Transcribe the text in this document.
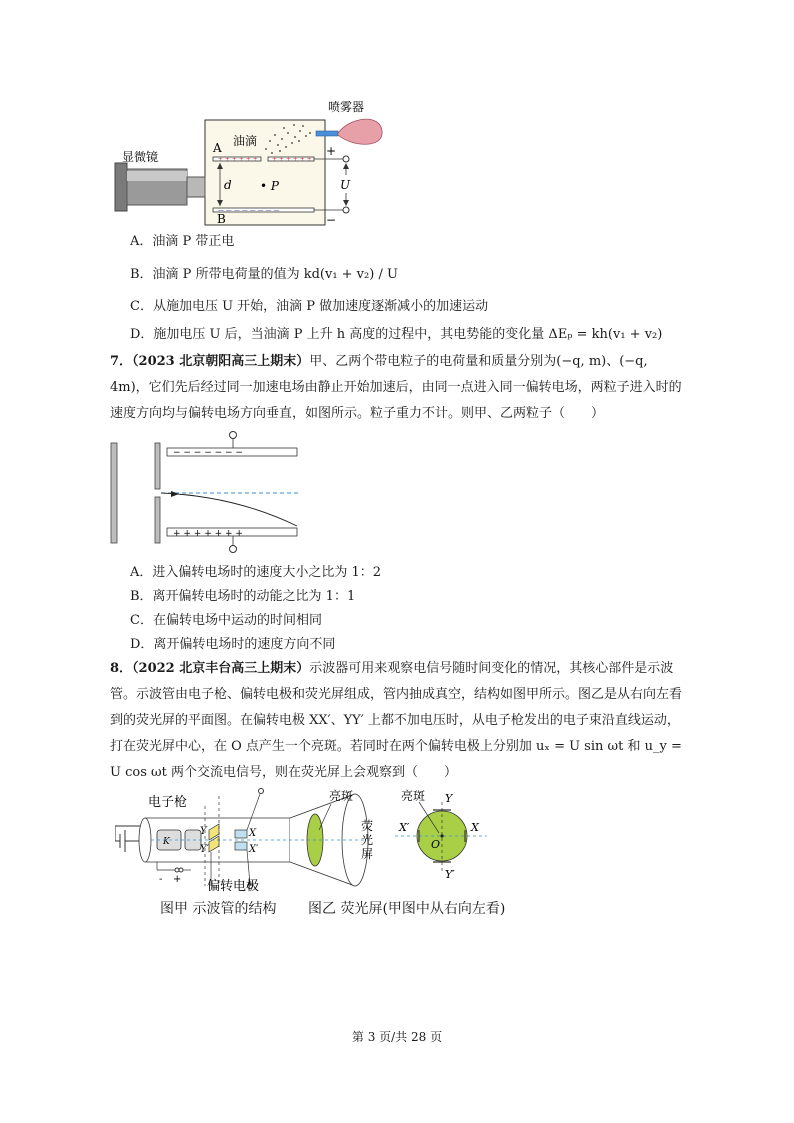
显微镜	+ + + + + + + + + + + +
A
— — — — — — — —
B
d • P
油滴
喷雾器
+
−
U
A．油滴 P 带正电
B．油滴 P 所带电荷量的值为 kd(v₁ + v₂) / U
C．从施加电压 U 开始，油滴 P 做加速度逐渐减小的加速运动
D．施加电压 U 后，当油滴 P 上升 h 高度的过程中，其电势能的变化量 ΔEₚ = kh(v₁ + v₂)
7．（2023 北京朝阳高三上期末）甲、乙两个带电粒子的电荷量和质量分别为(−q, m)、(−q, 4m)，它们先后经过同一加速电场由静止开始加速后，由同一点进入同一偏转电场，两粒子进入时的速度方向均与偏转电场方向垂直，如图所示。粒子重力不计。则甲、乙两粒子（　　）
− − − − − − −
+ + + + + + +
A．进入偏转电场时的速度大小之比为 1：2
B．离开偏转电场时的动能之比为 1：1
C．在偏转电场中运动的时间相同
D．离开偏转电场时的速度方向不同
8．（2022 北京丰台高三上期末）示波器可用来观察电信号随时间变化的情况，其核心部件是示波管。示波管由电子枪、偏转电极和荧光屏组成，管内抽成真空，结构如图甲所示。图乙是从右向左看到的荧光屏的平面图。在偏转电极 XX′、YY′ 上都不加电压时，从电子枪发出的电子束沿直线运动，打在荧光屏中心，在 O 点产生一个亮斑。若同时在两个偏转电极上分别加 uₓ = U sin ωt 和 u_y = U cos ωt 两个交流电信号，则在荧光屏上会观察到（　　）
电子枪
K
Y
Y′
X
X′
- + 偏转电极
亮斑
荧
光
屏
亮斑 Y
X′	X
O
Y′
图甲 示波管的结构 图乙 荧光屏(甲图中从右向左看)
第 3 页/共 28 页
